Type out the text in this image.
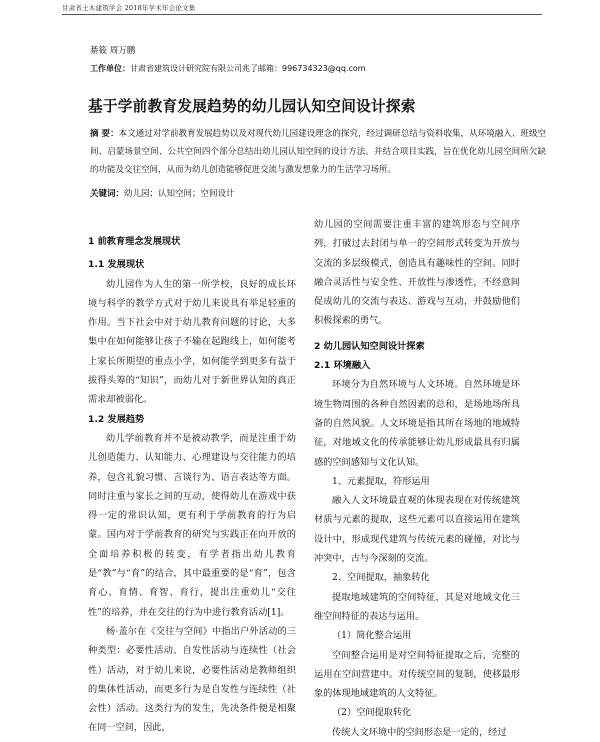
甘肃省土木建筑学会 2018年学术年会论文集
綦筱 周万鹏
工作单位：甘肃省建筑设计研究院有限公司兆了邮箱：996734323@qq.com
基于学前教育发展趋势的幼儿园认知空间设计探索
摘 要：本文通过对学前教育发展趋势以及对现代幼儿园建设理念的探究，经过调研总结与资料收集，从环境融入、班级空间、启蒙场景空间、公共空间四个部分总结出幼儿园认知空间的设计方法。并结合项目实践，旨在优化幼儿园空间所欠缺的功能及交往空间，从而为幼儿创造能够促进交流与激发想象力的生活学习场所。
关键词：幼儿园；认知空间；空间设计

1 前教育理念发展现状

1.1 发展现状

幼儿园作为人生的第一所学校，良好的成长环境与科学的教学方式对于幼儿来说具有举足轻重的作用。当下社会中对于幼儿教育问题的讨论，大多集中在如何能够让孩子不输在起跑线上，如何能考上家长所期望的重点小学，如何能学到更多有益于拔得头筹的“知识”，而幼儿对于新世界认知的真正需求却被弱化。

1.2 发展趋势

幼儿学前教育并不是被动教学，而是注重于幼儿创造能力、认知能力、心理建设与交往能力的培养，包含礼貌习惯、言谈行为、语言表达等方面。同时注重与家长之间的互动，使得幼儿在游戏中获得一定的常识认知，更有利于学前教育的行为启蒙。国内对于学前教育的研究与实践正在向开放的全面培养积极的转变，有学者指出幼儿教育是“教”与“育”的结合，其中最重要的是“育”，包含育心、育情、育智、育行，提出注重幼儿“交往性”的培养，并在交往的行为中进行教育活动[1]。

杨·盖尔在《交往与空间》中指出户外活动的三种类型：必要性活动、自发性活动与连续性（社会性）活动，对于幼儿来说，必要性活动是教师组织的集体性活动，而更多行为是自发性与连续性（社会性）活动。这类行为的发生，先决条件便是相聚在同一空间，因此，

幼儿园的空间需要注重丰富的建筑形态与空间序列，打破过去封闭与单一的空间形式转变为开放与交流的多层级模式，创造具有趣味性的空间。同时融合灵活性与安全性、开放性与渗透性，不经意间促成幼儿的交流与表达、游戏与互动，并鼓励他们积极探索的勇气。

2 幼儿园认知空间设计探索

2.1 环境融入

环境分为自然环境与人文环境。自然环境是环境生物周围的各种自然因素的总和，是场地场所具备的自然风貌。人文环境是指其所在场地的地域特征，对地域文化的传承能够让幼儿形成最具有归属感的空间感知与文化认知。

1、元素提取，符形运用

融入人文环境最直观的体现表现在对传统建筑材质与元素的提取，这些元素可以直接运用在建筑设计中，形成现代建筑与传统元素的碰撞，对比与冲突中，古与今深刻的交流。

2、空间提取，抽象转化

提取地域建筑的空间特征，其是对地域文化三维空间特征的表达与运用。

（1）简化整合运用

空间整合运用是对空间特征提取之后，完整的运用在空间营建中。对传统空间的复制，使移最形象的体现地域建筑的人文特征。

（2）空间提取转化

传统人文环境中的空间形态是一定的，经过
